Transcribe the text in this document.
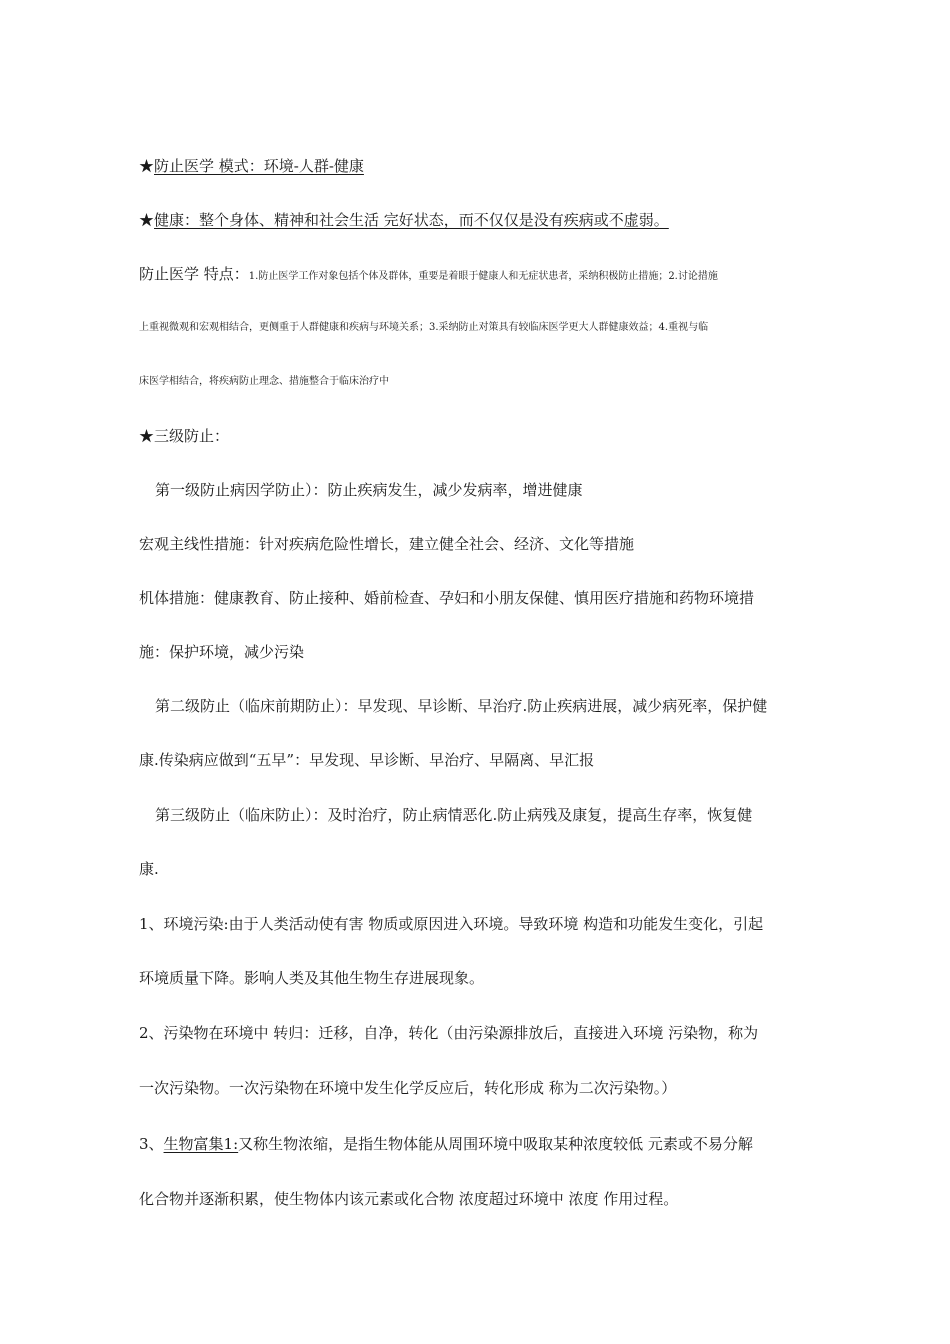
★防止医学 模式：环境-人群-健康
★健康：整个身体、精神和社会生活 完好状态，而不仅仅是没有疾病或不虚弱。
防止医学 特点：1.防止医学工作对象包括个体及群体，重要是着眼于健康人和无症状患者，采纳积极防止措施；2.讨论措施
上重视微观和宏观相结合，更侧重于人群健康和疾病与环境关系；3.采纳防止对策具有较临床医学更大人群健康效益；4.重视与临
床医学相结合，将疾病防止理念、措施整合于临床治疗中
★三级防止：
第一级防止病因学防止）：防止疾病发生，减少发病率，增进健康
宏观主线性措施：针对疾病危险性增长，建立健全社会、经济、文化等措施
机体措施：健康教育、防止接种、婚前检查、孕妇和小朋友保健、慎用医疗措施和药物环境措
施：保护环境，减少污染
第二级防止（临床前期防止）：早发现、早诊断、早治疗.防止疾病进展，减少病死率，保护健
康.传染病应做到“五早”：早发现、早诊断、早治疗、早隔离、早汇报
第三级防止（临床防止）：及时治疗，防止病情恶化.防止病残及康复，提高生存率，恢复健
康.
1、环境污染:由于人类活动使有害 物质或原因进入环境。导致环境 构造和功能发生变化，引起
环境质量下降。影响人类及其他生物生存进展现象。
2、污染物在环境中 转归：迁移，自净，转化（由污染源排放后，直接进入环境 污染物，称为
一次污染物。一次污染物在环境中发生化学反应后，转化形成 称为二次污染物。）
3、生物富集1:又称生物浓缩，是指生物体能从周围环境中吸取某种浓度较低 元素或不易分解
化合物并逐渐积累，使生物体内该元素或化合物 浓度超过环境中 浓度 作用过程。
